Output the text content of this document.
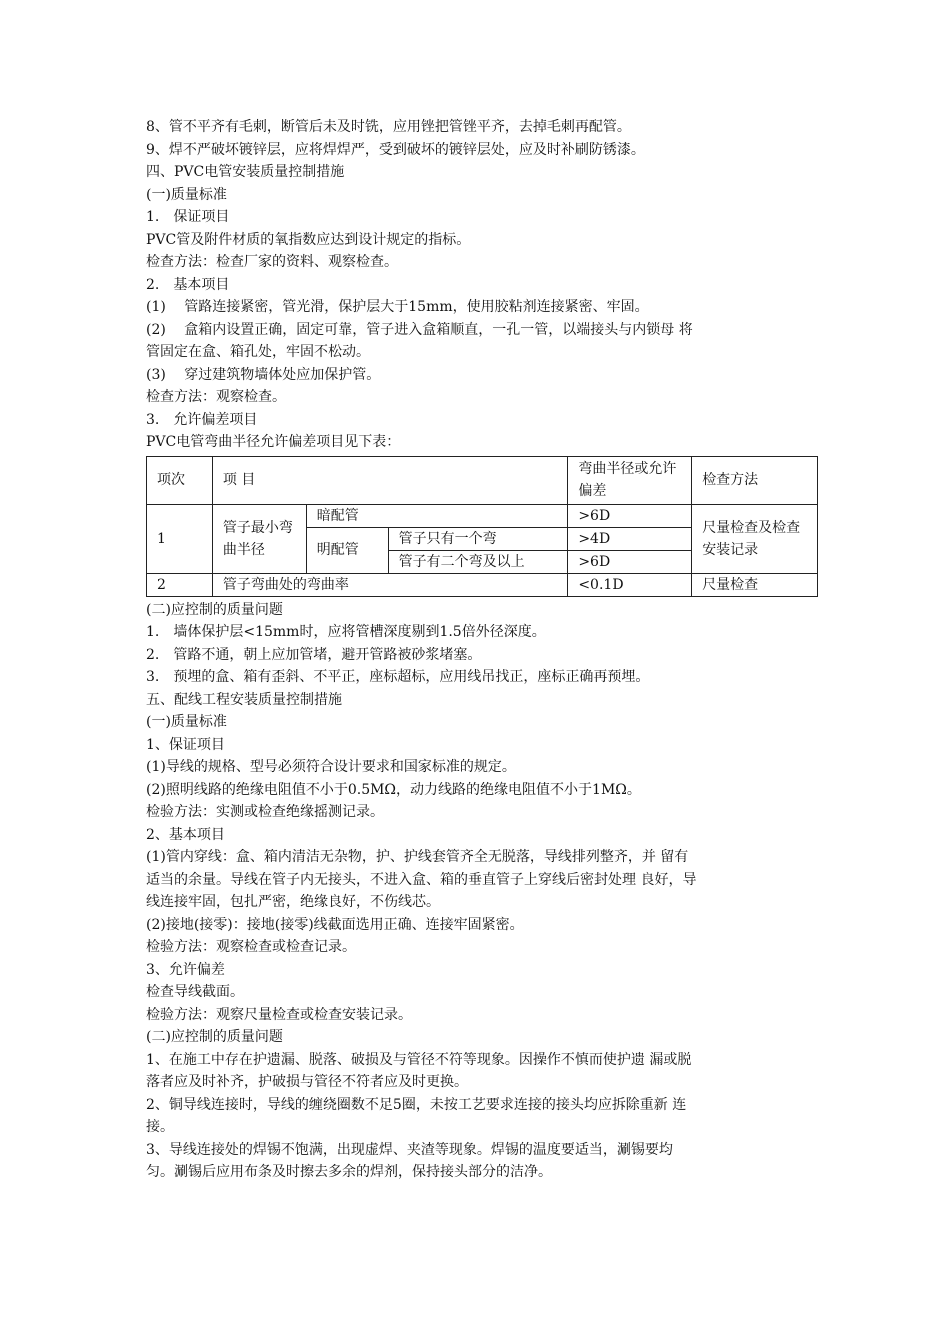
8、管不平齐有毛刺，断管后未及时铣，应用锉把管锉平齐，去掉毛刺再配管。
9、焊不严破坏镀锌层，应将焊焊严，受到破坏的镀锌层处，应及时补刷防锈漆。
四、PVC电管安装质量控制措施
(一)质量标准
1.　保证项目
PVC管及附件材质的氧指数应达到设计规定的指标。
检查方法：检查厂家的资料、观察检查。
2.　基本项目
(1)　 管路连接紧密，管光滑，保护层大于15mm，使用胶粘剂连接紧密、牢固。
(2)　 盒箱内设置正确，固定可靠，管子进入盒箱顺直，一孔一管，以端接头与内锁母 将
管固定在盒、箱孔处，牢固不松动。
(3)　 穿过建筑物墙体处应加保护管。
检查方法：观察检查。
3.　允许偏差项目
PVC电管弯曲半径允许偏差项目见下表：
项次	项 目			弯曲半径或允许偏差	检查方法
1	管子最小弯曲半径	暗配管		>6D	尺量检查及检查安装记录
		明配管	管子只有一个弯	>4D	
			管子有二个弯及以上	>6D	
2	管子弯曲处的弯曲率			<0.1D	尺量检查
(二)应控制的质量问题
1.　墙体保护层<15mm时，应将管槽深度剔到1.5倍外径深度。
2.　管路不通，朝上应加管堵，避开管路被砂浆堵塞。
3.　预埋的盒、箱有歪斜、不平正，座标超标，应用线吊找正，座标正确再预埋。
五、配线工程安装质量控制措施
(一)质量标准
1、保证项目
(1)导线的规格、型号必须符合设计要求和国家标准的规定。
(2)照明线路的绝缘电阻值不小于0.5MΩ，动力线路的绝缘电阻值不小于1MΩ。
检验方法：实测或检查绝缘摇测记录。
2、基本项目
(1)管内穿线：盒、箱内清洁无杂物，护、护线套管齐全无脱落，导线排列整齐，并 留有
适当的余量。导线在管子内无接头，不进入盒、箱的垂直管子上穿线后密封处理 良好，导
线连接牢固，包扎严密，绝缘良好，不伤线芯。
(2)接地(接零)：接地(接零)线截面选用正确、连接牢固紧密。
检验方法：观察检查或检查记录。
3、允许偏差
检查导线截面。
检验方法：观察尺量检查或检查安装记录。
(二)应控制的质量问题
1、在施工中存在护遗漏、脱落、破损及与管径不符等现象。因操作不慎而使护遗 漏或脱
落者应及时补齐，护破损与管径不符者应及时更换。
2、铜导线连接时，导线的缠绕圈数不足5圈，未按工艺要求连接的接头均应拆除重新 连
接。
3、导线连接处的焊锡不饱满，出现虚焊、夹渣等现象。焊锡的温度要适当，涮锡要均
匀。涮锡后应用布条及时擦去多余的焊剂，保持接头部分的洁净。
